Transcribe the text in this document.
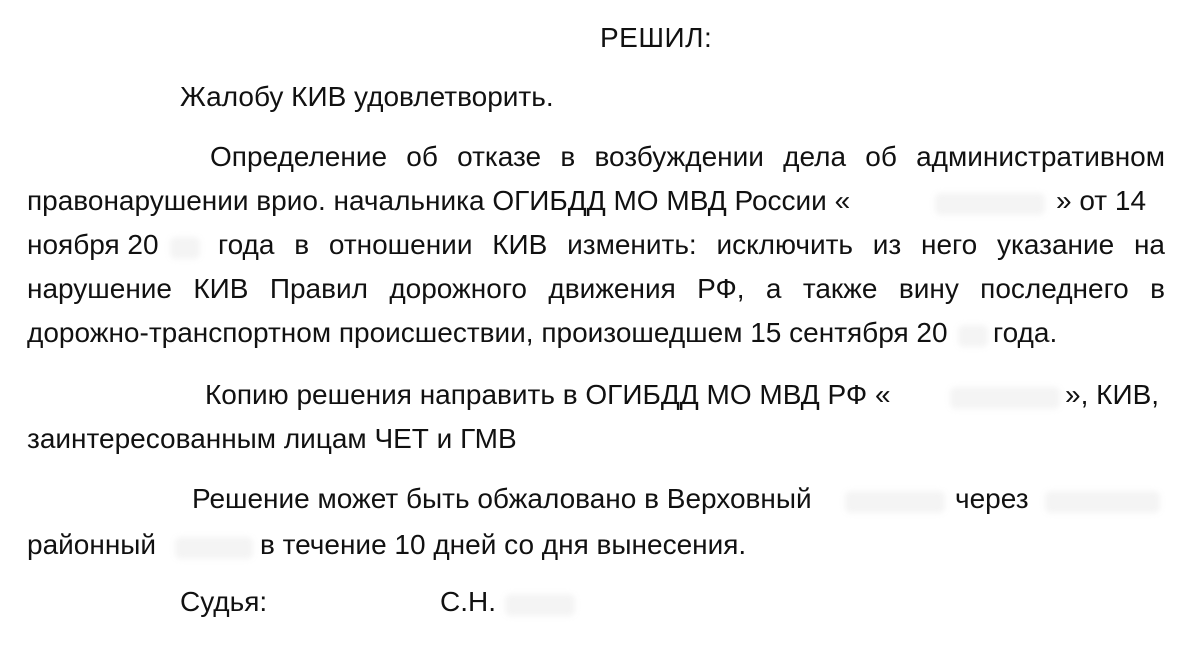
РЕШИЛ:
Жалобу КИВ удовлетворить.
Определение об отказе в возбуждении дела об административном
правонарушении врио. начальника ОГИБДД МО МВД России «	» от 14
ноября 20 года в отношении КИВ изменить: исключить из него указание на
нарушение КИВ Правил дорожного движения РФ, а также вину последнего в
дорожно-транспортном происшествии, произошедшем 15 сентября 20 года.
Копию решения направить в ОГИБДД МО МВД РФ «	», КИВ,
заинтересованным лицам ЧЕТ и ГМВ
Решение может быть обжаловано в Верховный	через
районный	в течение 10 дней со дня вынесения.
Судья:	С.Н.
